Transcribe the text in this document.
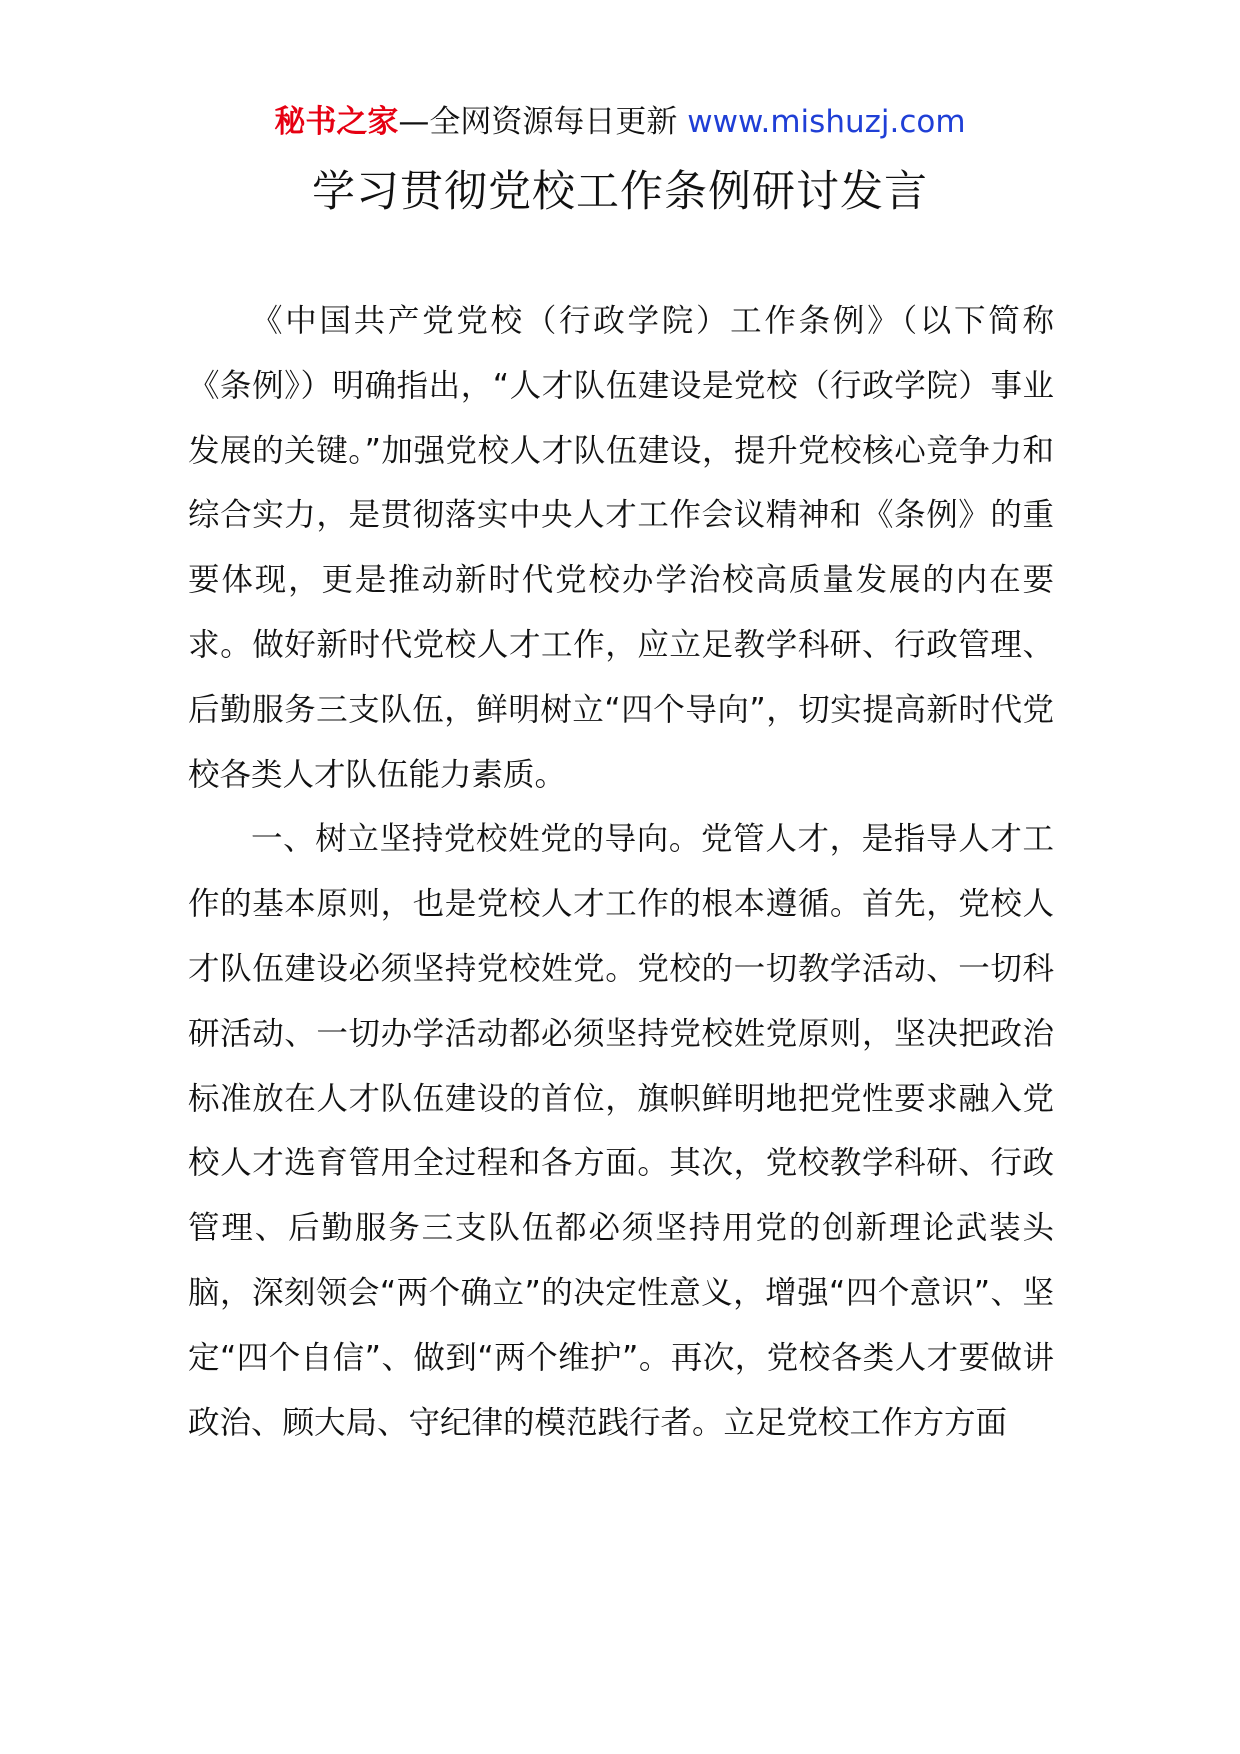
秘书之家—全网资源每日更新 www.mishuzj.com
学习贯彻党校工作条例研讨发言

《中国共产党党校（行政学院）工作条例》（以下简称《条例》）明确指出，“人才队伍建设是党校（行政学院）事业发展的关键。”加强党校人才队伍建设，提升党校核心竞争力和综合实力，是贯彻落实中央人才工作会议精神和《条例》的重要体现，更是推动新时代党校办学治校高质量发展的内在要求。做好新时代党校人才工作，应立足教学科研、行政管理、后勤服务三支队伍，鲜明树立“四个导向”，切实提高新时代党校各类人才队伍能力素质。

一、树立坚持党校姓党的导向。党管人才，是指导人才工作的基本原则，也是党校人才工作的根本遵循。首先，党校人才队伍建设必须坚持党校姓党。党校的一切教学活动、一切科研活动、一切办学活动都必须坚持党校姓党原则，坚决把政治标准放在人才队伍建设的首位，旗帜鲜明地把党性要求融入党校人才选育管用全过程和各方面。其次，党校教学科研、行政管理、后勤服务三支队伍都必须坚持用党的创新理论武装头脑，深刻领会“两个确立”的决定性意义，增强“四个意识”、坚定“四个自信”、做到“两个维护”。再次，党校各类人才要做讲政治、顾大局、守纪律的模范践行者。立足党校工作方方面
